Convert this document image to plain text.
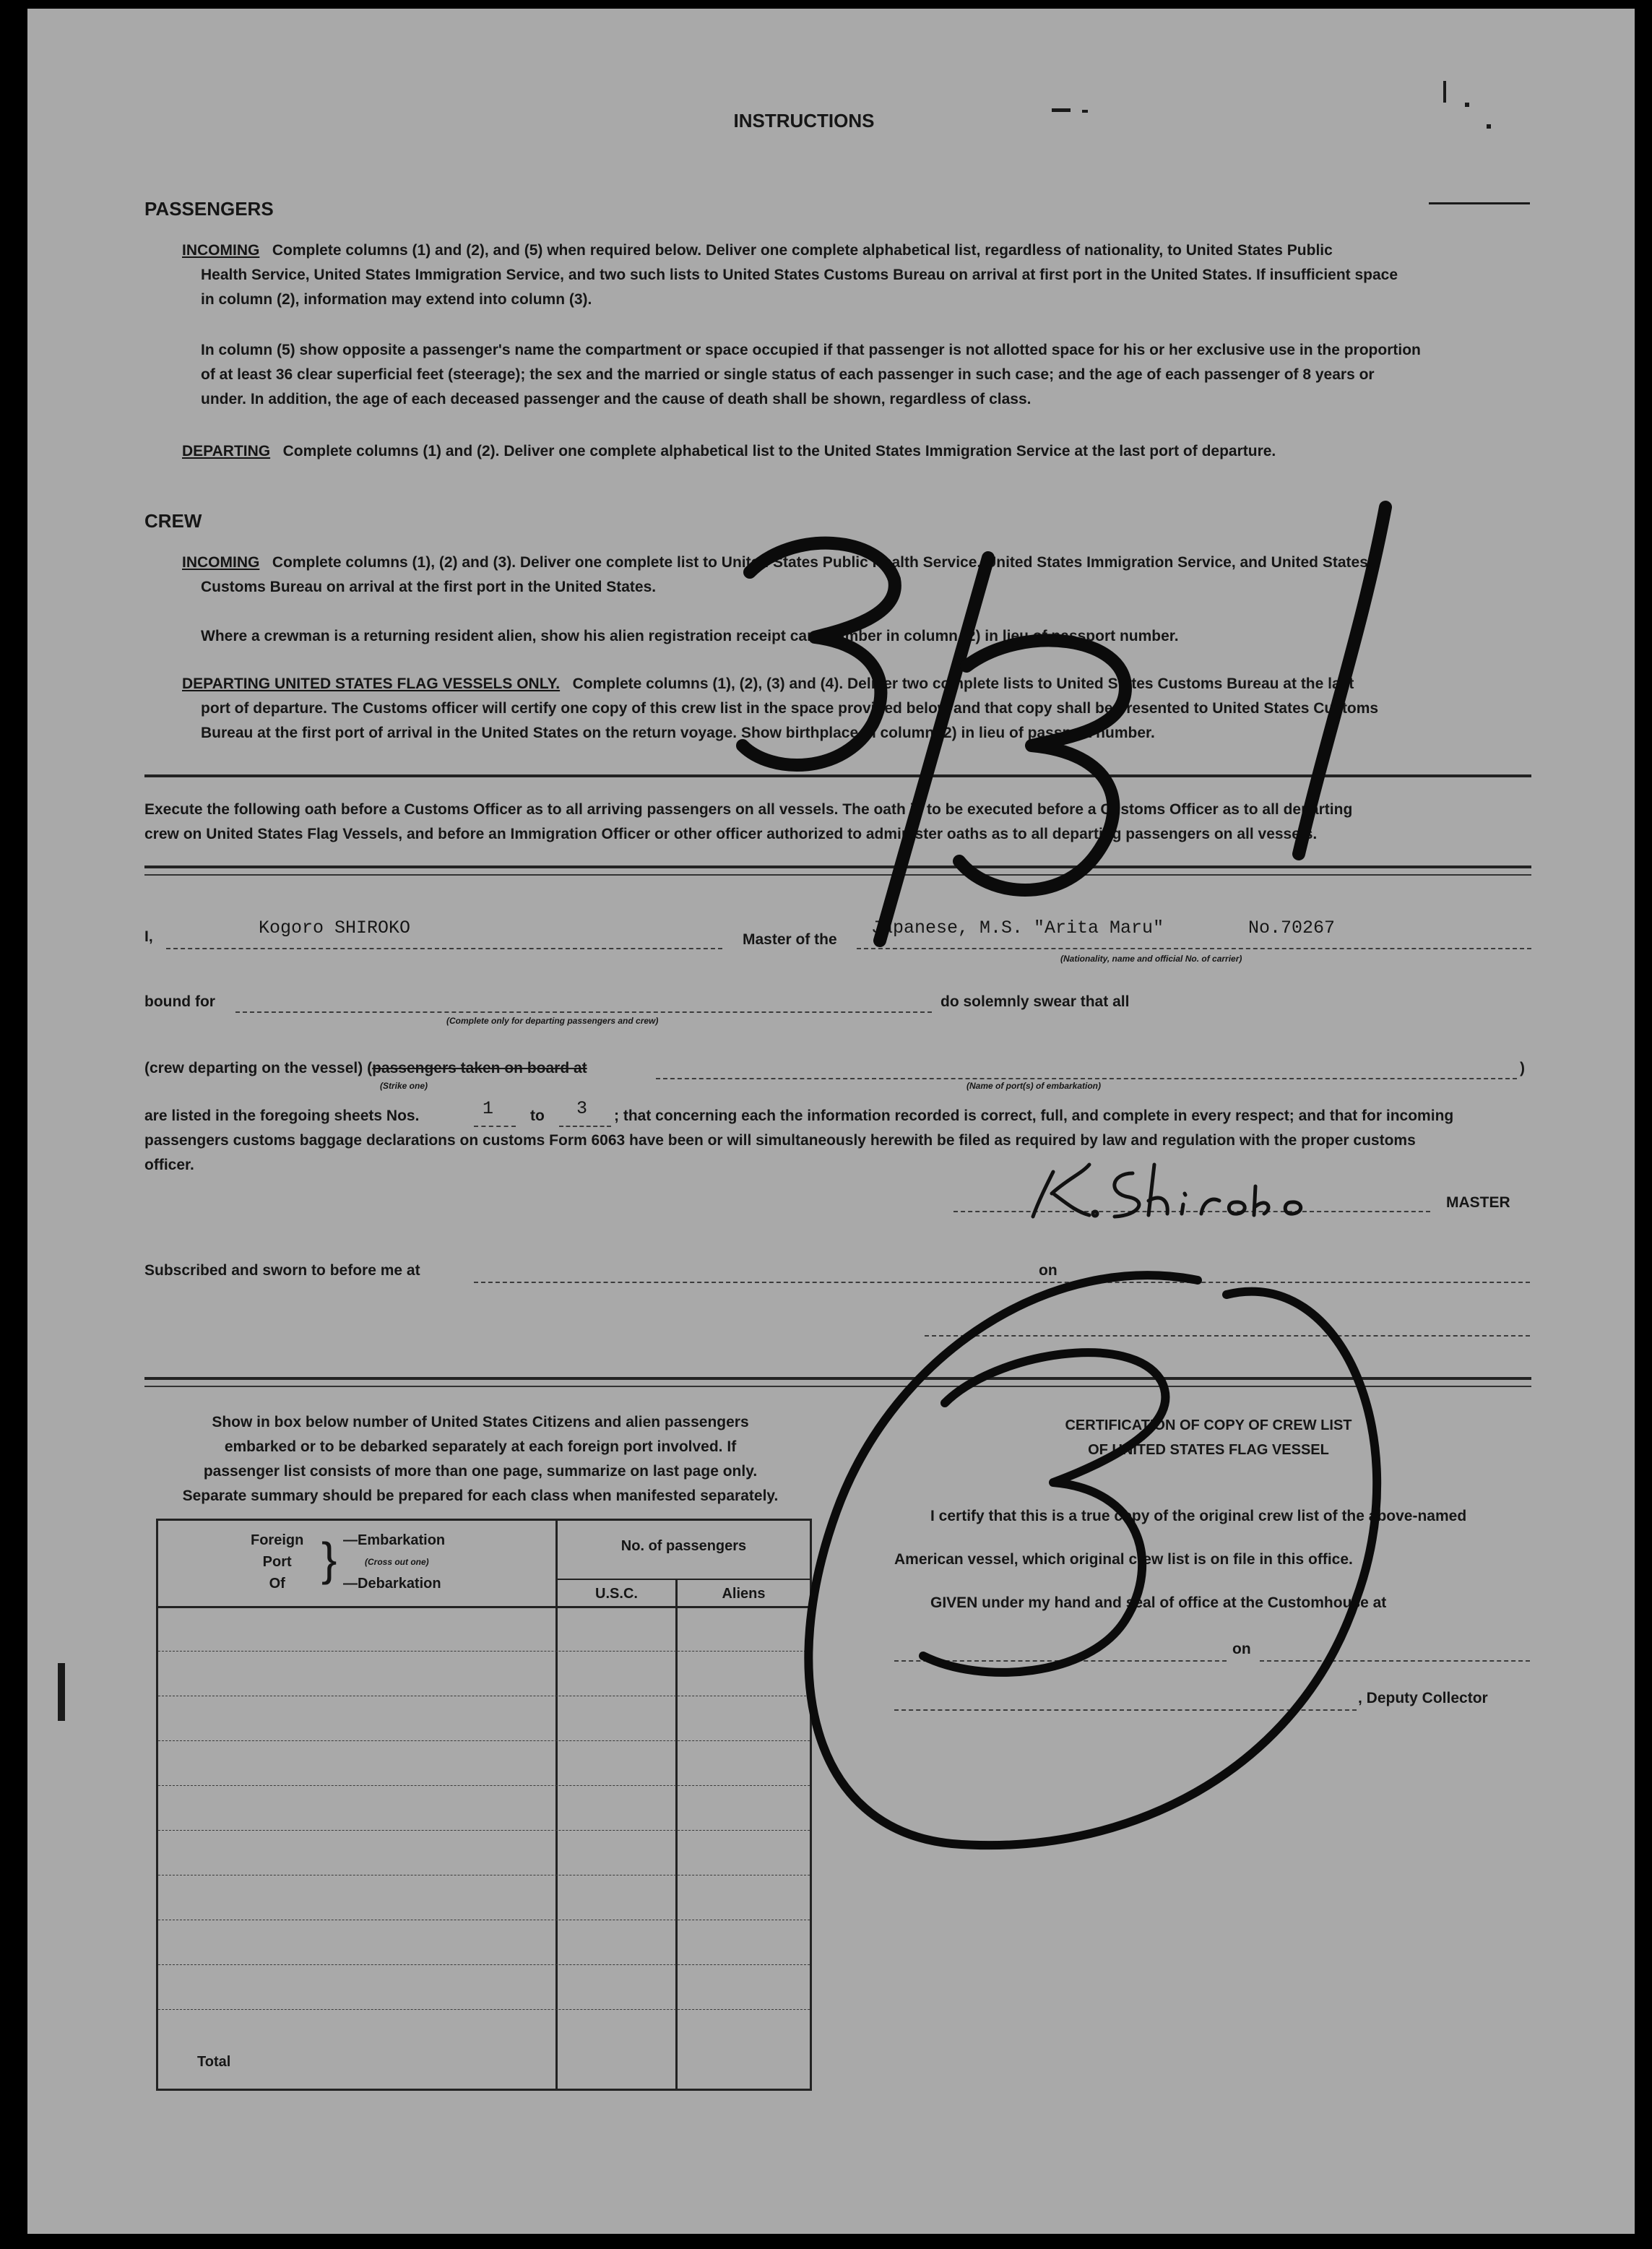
INSTRUCTIONS
PASSENGERS
INCOMING Complete columns (1) and (2), and (5) when required below. Deliver one complete alphabetical list, regardless of nationality, to United States Public
Health Service, United States Immigration Service, and two such lists to United States Customs Bureau on arrival at first port in the United States. If insufficient space
in column (2), information may extend into column (3).
In column (5) show opposite a passenger's name the compartment or space occupied if that passenger is not allotted space for his or her exclusive use in the proportion
of at least 36 clear superficial feet (steerage); the sex and the married or single status of each passenger in such case; and the age of each passenger of 8 years or
under. In addition, the age of each deceased passenger and the cause of death shall be shown, regardless of class.
DEPARTING Complete columns (1) and (2). Deliver one complete alphabetical list to the United States Immigration Service at the last port of departure.
CREW
INCOMING Complete columns (1), (2) and (3). Deliver one complete list to United States Public Health Service, United States Immigration Service, and United States
Customs Bureau on arrival at the first port in the United States.
Where a crewman is a returning resident alien, show his alien registration receipt card number in column (2) in lieu of passport number.
DEPARTING UNITED STATES FLAG VESSELS ONLY. Complete columns (1), (2), (3) and (4). Deliver two complete lists to United States Customs Bureau at the last
port of departure. The Customs officer will certify one copy of this crew list in the space provided below and that copy shall be presented to United States Customs
Bureau at the first port of arrival in the United States on the return voyage. Show birthplace in column (2) in lieu of passport number.
Execute the following oath before a Customs Officer as to all arriving passengers on all vessels. The oath is to be executed before a Customs Officer as to all departing
crew on United States Flag Vessels, and before an Immigration Officer or other officer authorized to administer oaths as to all departing passengers on all vessels.
I,	Kogoro SHIROKO
Master of the
Japanese, M.S. "Arita Maru"	No.70267
(Nationality, name and official No. of carrier)
bound for
(Complete only for departing passengers and crew)
do solemnly swear that all
(crew departing on the vessel) (passengers taken on board at	)
(Strike one)	(Name of port(s) of embarkation)
are listed in the foregoing sheets Nos.	1 to 3 ; that concerning each the information recorded is correct, full, and complete in every respect; and that for incoming
passengers customs baggage declarations on customs Form 6063 have been or will simultaneously herewith be filed as required by law and regulation with the proper customs
officer.
MASTER
Subscribed and sworn to before me at	on
Show in box below number of United States Citizens and alien passengers
embarked or to be debarked separately at each foreign port involved. If
passenger list consists of more than one page, summarize on last page only.
Separate summary should be prepared for each class when manifested separately.
Foreign
Port
Of } —Embarkation
(Cross out one)
—Debarkation
No. of passengers
U.S.C.	Aliens
Total
CERTIFICATION OF COPY OF CREW LIST
OF UNITED STATES FLAG VESSEL
I certify that this is a true copy of the original crew list of the above-named
American vessel, which original crew list is on file in this office.
GIVEN under my hand and seal of office at the Customhouse at
on
, Deputy Collector
